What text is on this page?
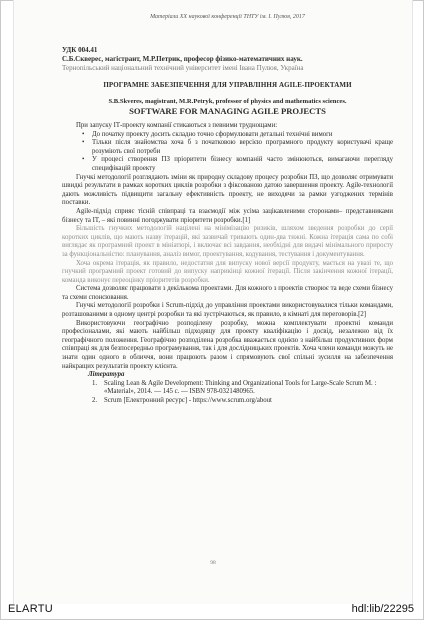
Матеріали ХХ наукової конференції ТНТУ ім. І. Пулюя, 2017

УДК 004.41

С.Б.Скверес, магістрант, М.Р.Петрик, професор фізико-математичних наук.

Тернопільський національний технічний університет імені Івана Пулюя, Україна

ПРОГРАМНЕ ЗАБЕЗПЕЧЕННЯ ДЛЯ УПРАВЛІННЯ AGILE-ПРОЕКТАМИ

S.B.Skveres, magistrant, M.R.Petryk, professor of physics and mathematics sciences.

SOFTWARE FOR MANAGING AGILE PROJECTS

При запуску ІТ-проекту компанії стикаються з певними труднощами:

• До початку проекту досить складно точно сформулювати детальні технічні вимоги
• Тільки після знайомства хоча б з початковою версією програмного продукту користувачі краще розуміють свої потреби
• У процесі створення ПЗ пріоритети бізнесу компаній часто змінюються, вимагаючи перегляду специфікацій проекту

Гнучкі методології розглядають зміни як природну складову процесу розробки ПЗ, що дозволяє отримувати швидкі результати в рамках коротких циклів розробки з фіксованою датою завершення проекту. Agile-технології дають можливість підвищити загальну ефективність проекту, не виходячи за рамки узгоджених термінів поставки.

Agile-підхід сприяє тісній співпраці та взаємодії між усіма зацікавленими сторонами– представниками бізнесу та ІТ, – які повинні погоджувати пріоритети розробки.[1]

Більшість гнучких методологій націлені на мінімізацію ризиків, шляхом зведення розробки до серії коротких циклів, що мають назву ітерацій, які зазвичай тривають один-два тижні. Кожна ітерація сама по собі виглядає як програмний проект в мініатюрі, і включає всі завдання, необхідні для видачі мінімального приросту за функціональністю: планування, аналіз вимог, проектування, кодування, тестування і документування.

Хоча окрема ітерація, як правило, недостатня для випуску нової версії продукту, мається на увазі те, що гнучкий програмний проект готовий до випуску наприкінці кожної ітерації. Після закінчення кожної ітерації, команда виконує переоцінку пріоритетів розробки.

Система дозволяє працювати з декількома проектами. Для кожного з проектів створює та веде схеми бізнесу та схеми спонсювання.

Гнучкі методології розробки і Scrum-підхід до управління проектами використовувалися тільки командами, розташованими в одному центрі розробки та які зустрічаються, як правило, в кімнаті для переговорів.[2]

Використовуючи географічно розподілену розробку, можна комплектувати проектні команди професіоналами, які мають найбільш підходящу для проекту кваліфікацію і досвід, незалежно від їх географічного положення. Географічно розподілена розробка вважається однією з найбільш продуктивних форм співпраці як для безпосередньо програмування, так і для дослідницьких проектів. Хоча члени команди можуть не знати один одного в обличчя, вони працюють разом і спрямовують свої спільні зусилля на забезпечення найкращих результатів проекту клієнта.

Література

1. Scaling Lean & Agile Development: Thinking and Organizational Tools for Large-Scale Scrum M. : «Material», 2014. — 145 с. — ISBN 978-0321480965.
2. Scrum [Електронний ресурс] - https://www.scrum.org/about
98
ELARTU	hdl:lib/22295
